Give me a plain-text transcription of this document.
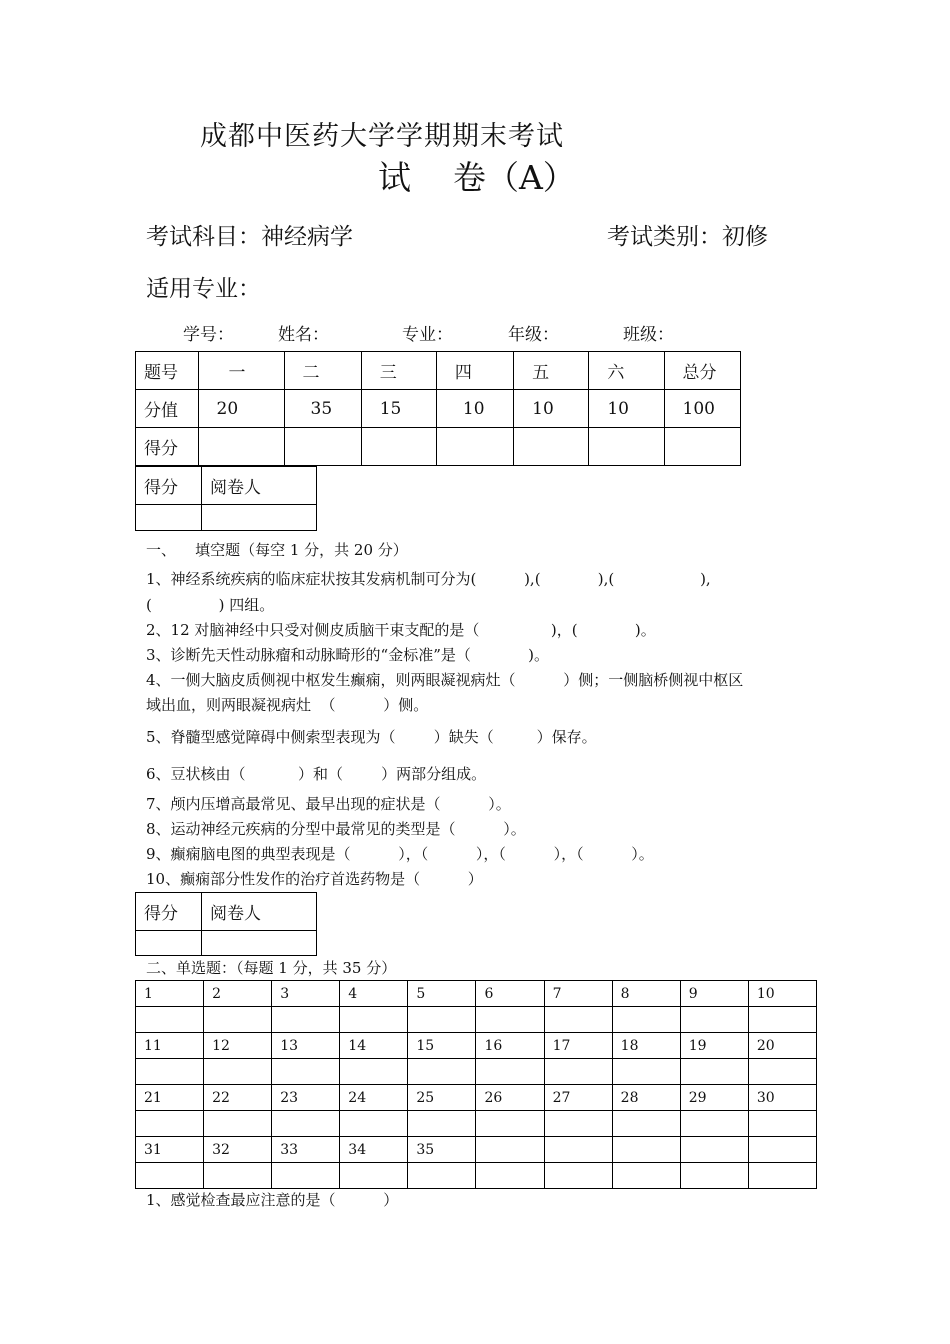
成都中医药大学学期期末考试
试    卷（A）
考试科目：神经病学	考试类别：初修
适用专业：
学号：	姓名：	专业：	年级：	班级：
题号	一	二	三	四	五	六	总分
分值	20	35	15	10	10	10	100
得分							
得分	阅卷人

一、    填空题（每空 1 分，共 20 分）
1、神经系统疾病的临床症状按其发病机制可分为(          ),(            ),(                  ),
(              ) 四组。
2、12 对脑神经中只受对侧皮质脑干束支配的是（               )，(            )。
3、诊断先天性动脉瘤和动脉畸形的“金标准”是（            )。
4、一侧大脑皮质侧视中枢发生癫痫，则两眼凝视病灶（          ）侧；一侧脑桥侧视中枢区
域出血，则两眼凝视病灶  （          ）侧。
5、脊髓型感觉障碍中侧索型表现为（        ）缺失（         ）保存。
6、豆状核由（           ）和（        ）两部分组成。
7、颅内压增高最常见、最早出现的症状是（          ）。
8、运动神经元疾病的分型中最常见的类型是（          ）。
9、癫痫脑电图的典型表现是（          ），（          ），（          ），（          ）。
10、癫痫部分性发作的治疗首选药物是（          ）
得分	阅卷人

二、单选题：（每题 1 分，共 35 分）
1	2	3	4	5	6	7	8	9	10

11	12	13	14	15	16	17	18	19	20

21	22	23	24	25	26	27	28	29	30

31	32	33	34	35					

1、感觉检查最应注意的是（          ）
